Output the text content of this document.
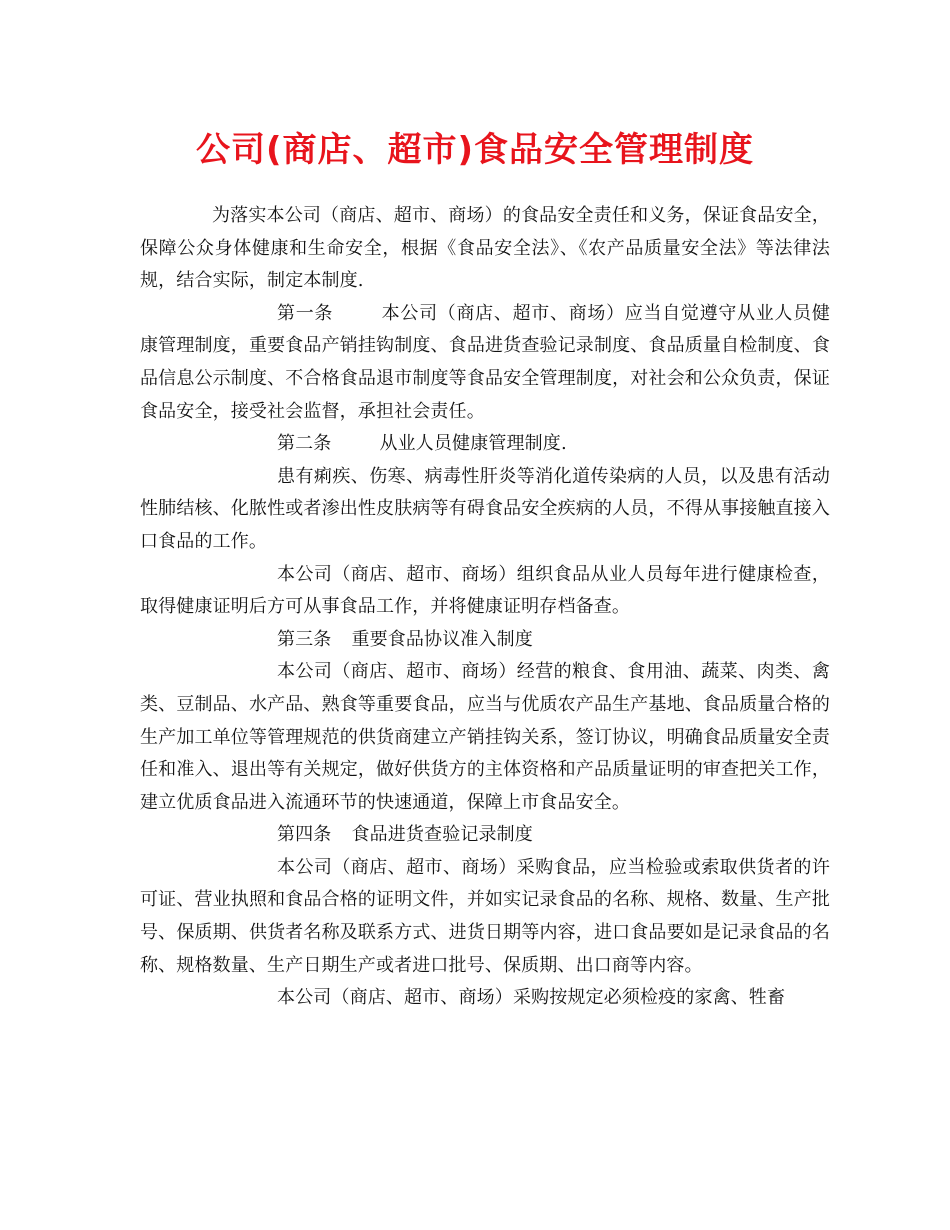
公司(商店、超市)食品安全管理制度

为落实本公司（商店、超市、商场）的食品安全责任和义务，保证食品安全，保障公众身体健康和生命安全，根据《食品安全法》、《农产品质量安全法》等法律法规，结合实际，制定本制度.

第一条	本公司（商店、超市、商场）应当自觉遵守从业人员健康管理制度，重要食品产销挂钩制度、食品进货查验记录制度、食品质量自检制度、食品信息公示制度、不合格食品退市制度等食品安全管理制度，对社会和公众负责，保证食品安全，接受社会监督，承担社会责任。

第二条	从业人员健康管理制度.

患有痢疾、伤寒、病毒性肝炎等消化道传染病的人员，以及患有活动性肺结核、化脓性或者渗出性皮肤病等有碍食品安全疾病的人员，不得从事接触直接入口食品的工作。

本公司（商店、超市、商场）组织食品从业人员每年进行健康检查，取得健康证明后方可从事食品工作，并将健康证明存档备查。

第三条 重要食品协议准入制度

本公司（商店、超市、商场）经营的粮食、食用油、蔬菜、肉类、禽类、豆制品、水产品、熟食等重要食品，应当与优质农产品生产基地、食品质量合格的生产加工单位等管理规范的供货商建立产销挂钩关系，签订协议，明确食品质量安全责任和准入、退出等有关规定，做好供货方的主体资格和产品质量证明的审查把关工作，建立优质食品进入流通环节的快速通道，保障上市食品安全。

第四条 食品进货查验记录制度

本公司（商店、超市、商场）采购食品，应当检验或索取供货者的许可证、营业执照和食品合格的证明文件，并如实记录食品的名称、规格、数量、生产批号、保质期、供货者名称及联系方式、进货日期等内容，进口食品要如是记录食品的名称、规格数量、生产日期生产或者进口批号、保质期、出口商等内容。

本公司（商店、超市、商场）采购按规定必须检疫的家禽、牲畜
